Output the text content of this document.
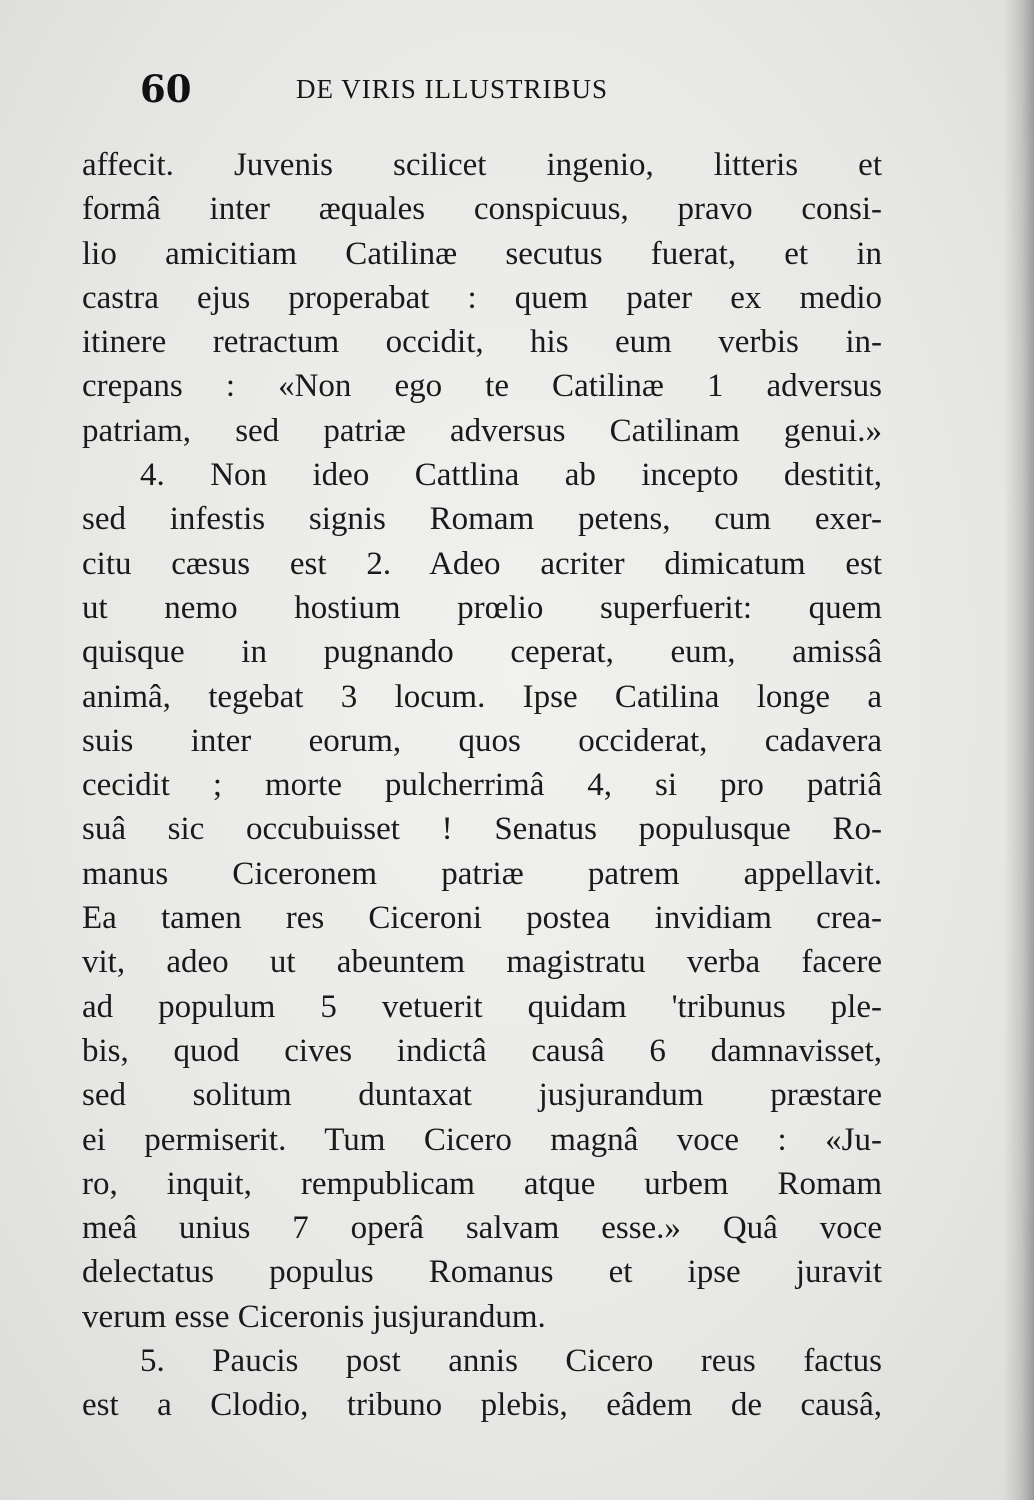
60	DE VIRIS ILLUSTRIBUS
affecit. Juvenis scilicet ingenio, litteris et
formâ inter æquales conspicuus, pravo consi-
lio amicitiam Catilinæ secutus fuerat, et in
castra ejus properabat : quem pater ex medio
itinere retractum occidit, his eum verbis in-
crepans : «Non ego te Catilinæ 1 adversus
patriam, sed patriæ adversus Catilinam genui.»
4. Non ideo Cattlina ab incepto destitit,
sed infestis signis Romam petens, cum exer-
citu cæsus est 2. Adeo acriter dimicatum est
ut nemo hostium prœlio superfuerit: quem
quisque in pugnando ceperat, eum, amissâ
animâ, tegebat 3 locum. Ipse Catilina longe a
suis inter eorum, quos occiderat, cadavera
cecidit ; morte pulcherrimâ 4, si pro patriâ
suâ sic occubuisset ! Senatus populusque Ro-
manus Ciceronem patriæ patrem appellavit.
Ea tamen res Ciceroni postea invidiam crea-
vit, adeo ut abeuntem magistratu verba facere
ad populum 5 vetuerit quidam 'tribunus ple-
bis, quod cives indictâ causâ 6 damnavisset,
sed solitum duntaxat jusjurandum præstare
ei permiserit. Tum Cicero magnâ voce : «Ju-
ro, inquit, rempublicam atque urbem Romam
meâ unius 7 operâ salvam esse.» Quâ voce
delectatus populus Romanus et ipse juravit
verum esse Ciceronis jusjurandum.
5. Paucis post annis Cicero reus factus
est a Clodio, tribuno plebis, eâdem de causâ,
